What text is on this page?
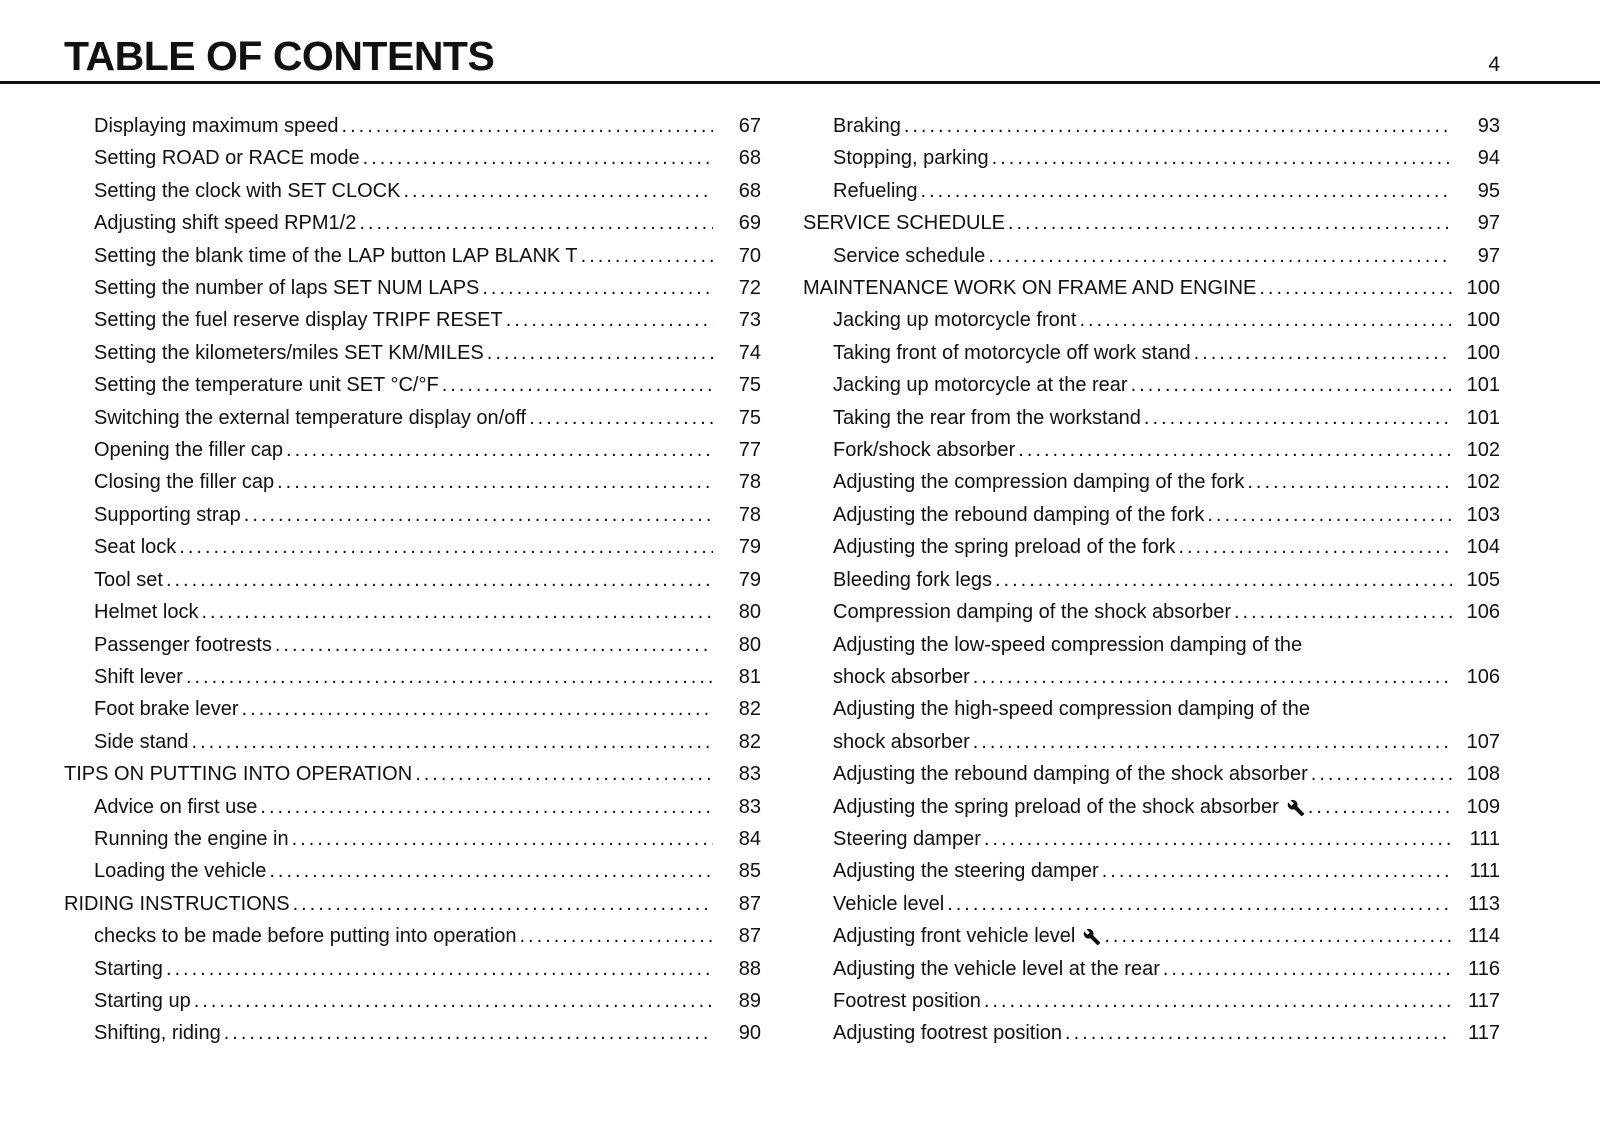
TABLE OF CONTENTS	4
Displaying maximum speed .....	67
Setting ROAD or RACE mode .....	68
Setting the clock with SET CLOCK .....	68
Adjusting shift speed RPM1/2 .....	69
Setting the blank time of the LAP button LAP BLANK T .....	70
Setting the number of laps SET NUM LAPS .....	72
Setting the fuel reserve display TRIPF RESET .....	73
Setting the kilometers/miles SET KM/MILES .....	74
Setting the temperature unit SET °C/°F .....	75
Switching the external temperature display on/off .....	75
Opening the filler cap .....	77
Closing the filler cap .....	78
Supporting strap .....	78
Seat lock .....	79
Tool set .....	79
Helmet lock .....	80
Passenger footrests .....	80
Shift lever .....	81
Foot brake lever .....	82
Side stand .....	82
TIPS ON PUTTING INTO OPERATION .....	83
Advice on first use .....	83
Running the engine in .....	84
Loading the vehicle .....	85
RIDING INSTRUCTIONS .....	87
checks to be made before putting into operation .....	87
Starting .....	88
Starting up .....	89
Shifting, riding .....	90
Braking .....	93
Stopping, parking .....	94
Refueling .....	95
SERVICE SCHEDULE .....	97
Service schedule .....	97
MAINTENANCE WORK ON FRAME AND ENGINE .....	100
Jacking up motorcycle front .....	100
Taking front of motorcycle off work stand .....	100
Jacking up motorcycle at the rear .....	101
Taking the rear from the workstand .....	101
Fork/shock absorber .....	102
Adjusting the compression damping of the fork .....	102
Adjusting the rebound damping of the fork .....	103
Adjusting the spring preload of the fork .....	104
Bleeding fork legs .....	105
Compression damping of the shock absorber .....	106
Adjusting the low-speed compression damping of the
shock absorber .....	106
Adjusting the high-speed compression damping of the
shock absorber .....	107
Adjusting the rebound damping of the shock absorber .....	108
Adjusting the spring preload of the shock absorber .....	109
Steering damper .....	111
Adjusting the steering damper .....	111
Vehicle level .....	113
Adjusting front vehicle level .....	114
Adjusting the vehicle level at the rear .....	116
Footrest position .....	117
Adjusting footrest position .....	117
